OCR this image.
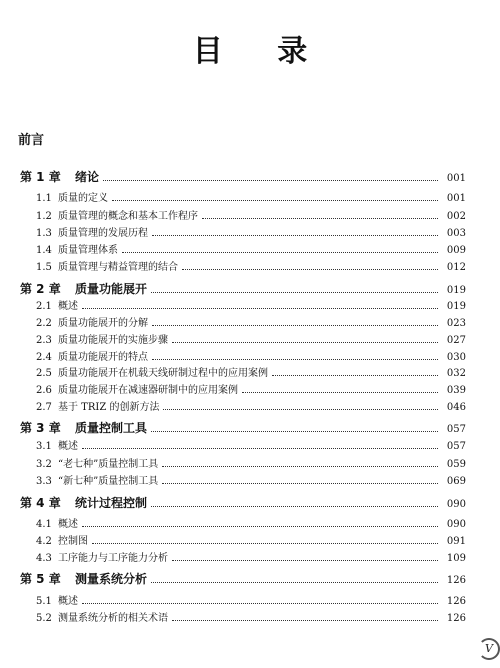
目 录
前言
第 1 章	绪论	001
1.1 质量的定义	001
1.2 质量管理的概念和基本工作程序	002
1.3 质量管理的发展历程	003
1.4 质量管理体系	009
1.5 质量管理与精益管理的结合	012
第 2 章	质量功能展开	019
2.1 概述	019
2.2 质量功能展开的分解	023
2.3 质量功能展开的实施步骤	027
2.4 质量功能展开的特点	030
2.5 质量功能展开在机载天线研制过程中的应用案例	032
2.6 质量功能展开在减速器研制中的应用案例	039
2.7 基于 TRIZ 的创新方法	046
第 3 章	质量控制工具	057
3.1 概述	057
3.2 “老七种”质量控制工具	059
3.3 “新七种”质量控制工具	069
第 4 章	统计过程控制	090
4.1 概述	090
4.2 控制图	091
4.3 工序能力与工序能力分析	109
第 5 章	测量系统分析	126
5.1 概述	126
5.2 测量系统分析的相关术语	126
V
